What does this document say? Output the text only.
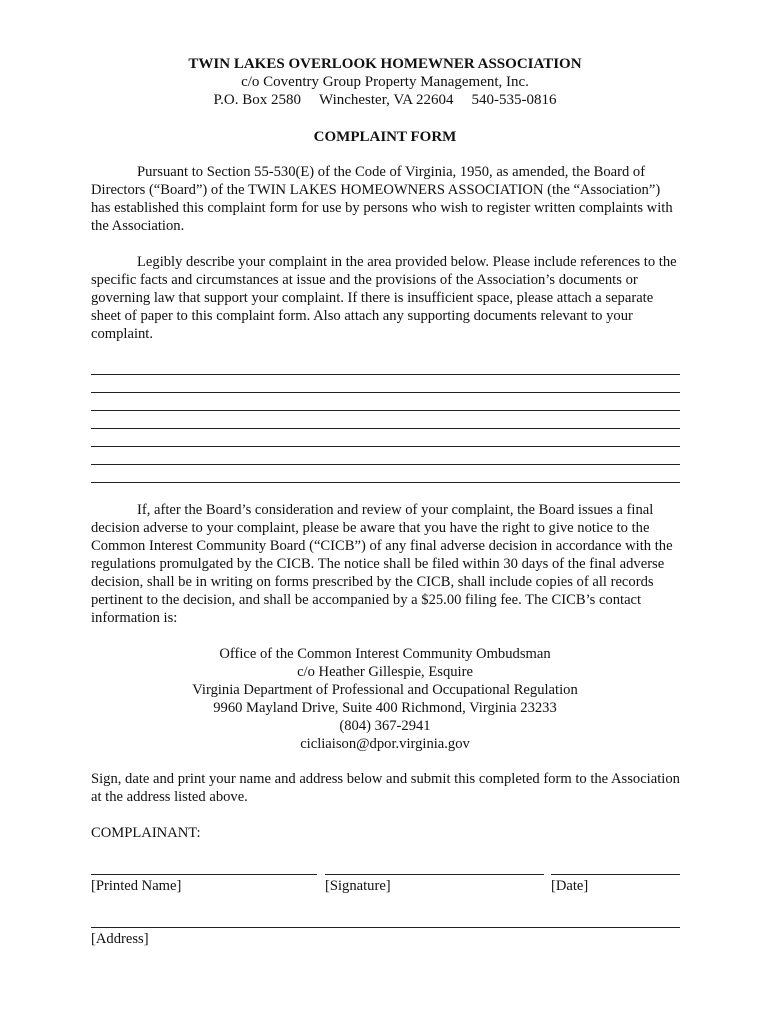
TWIN LAKES OVERLOOK HOMEWNER ASSOCIATION
c/o Coventry Group Property Management, Inc.
P.O. Box 2580 Winchester, VA 22604 540-535-0816
COMPLAINT FORM

Pursuant to Section 55-530(E) of the Code of Virginia, 1950, as amended, the Board of Directors (“Board”) of the TWIN LAKES HOMEOWNERS ASSOCIATION (the “Association”) has established this complaint form for use by persons who wish to register written complaints with the Association.

Legibly describe your complaint in the area provided below. Please include references to the specific facts and circumstances at issue and the provisions of the Association’s documents or governing law that support your complaint. If there is insufficient space, please attach a separate sheet of paper to this complaint form. Also attach any supporting documents relevant to your complaint.

If, after the Board’s consideration and review of your complaint, the Board issues a final decision adverse to your complaint, please be aware that you have the right to give notice to the Common Interest Community Board (“CICB”) of any final adverse decision in accordance with the regulations promulgated by the CICB. The notice shall be filed within 30 days of the final adverse decision, shall be in writing on forms prescribed by the CICB, shall include copies of all records pertinent to the decision, and shall be accompanied by a $25.00 filing fee. The CICB’s contact information is:

Office of the Common Interest Community Ombudsman
c/o Heather Gillespie, Esquire
Virginia Department of Professional and Occupational Regulation
9960 Mayland Drive, Suite 400 Richmond, Virginia 23233
(804) 367-2941
cicliaison@dpor.virginia.gov

Sign, date and print your name and address below and submit this completed form to the Association at the address listed above.

COMPLAINANT:
[Printed Name]	[Signature]	[Date]
[Address]
